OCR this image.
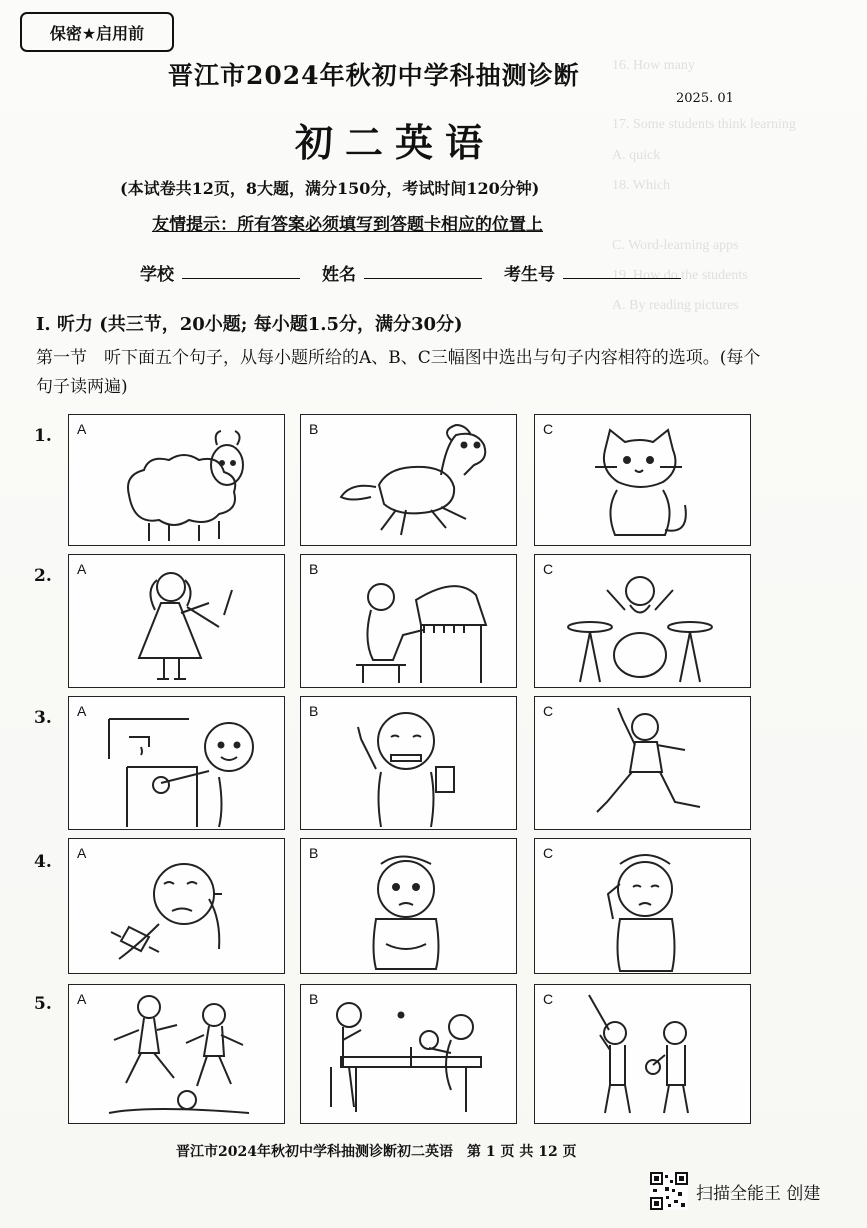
16. How many
17. Some students think learning
A. quick
18. Which
C. Word-learning apps
19. How do the students
A. By reading pictures
保密★启用前
晋江市2024年秋初中学科抽测诊断
2025. 01
初二英语
(本试卷共12页，8大题，满分150分，考试时间120分钟)
友情提示：所有答案必须填写到答题卡相应的位置上
学校	姓名	考生号
Ⅰ. 听力 (共三节，20小题; 每小题1.5分，满分30分)
第一节　听下面五个句子，从每小题所给的A、B、C三幅图中选出与句子内容相符的选项。(每个句子读两遍)
1.
2.
3.
4.
5.
A	B	C
A	B	C
A	B	C
A	B	C
A	B	C
晋江市2024年秋初中学科抽测诊断初二英语　第 1 页 共 12 页
扫描全能王 创建
